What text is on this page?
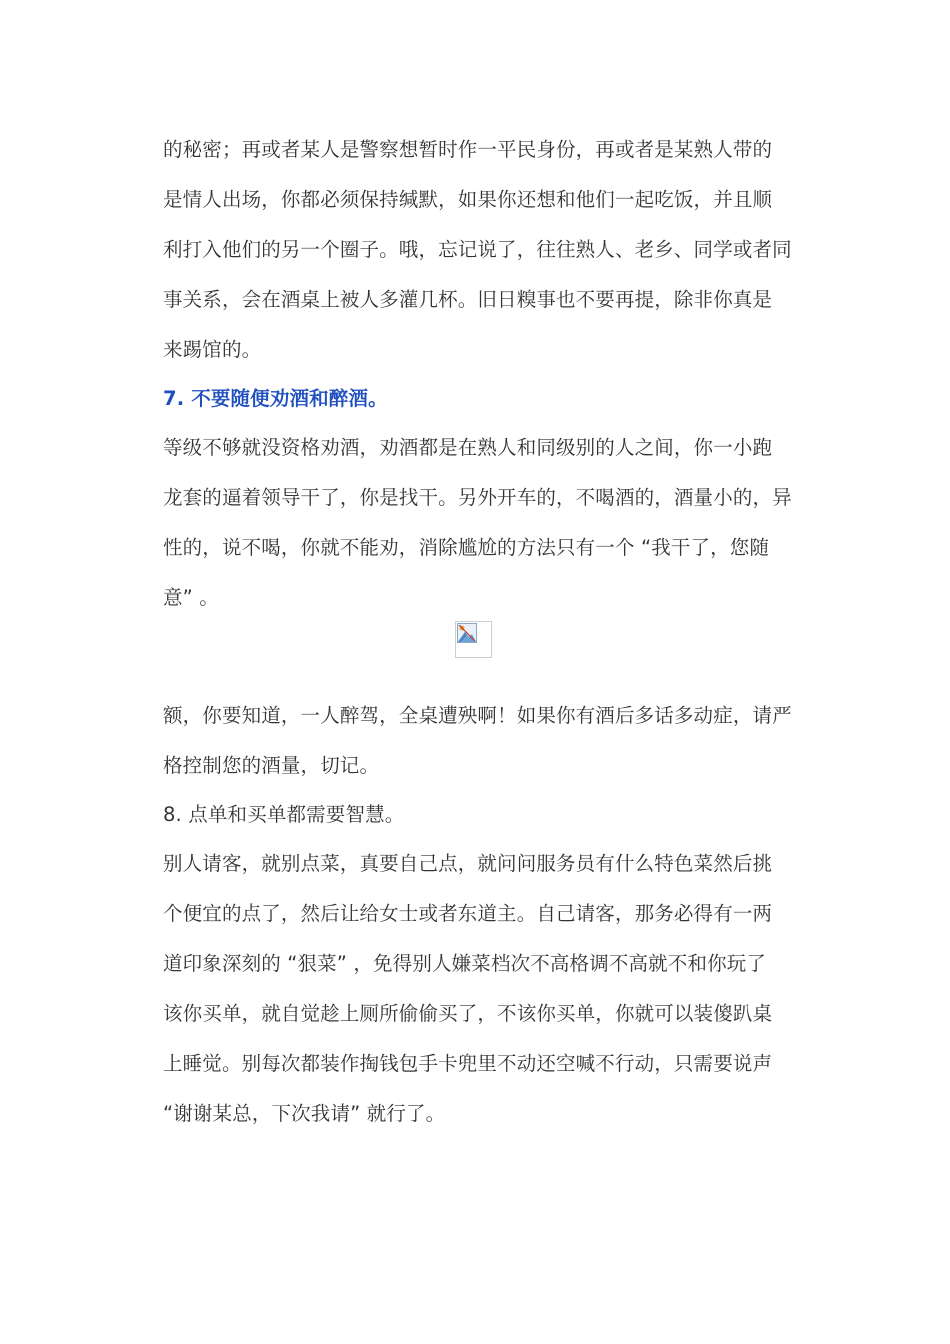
的秘密；再或者某人是警察想暂时作一平民身份，再或者是某熟人带的
是情人出场，你都必须保持缄默，如果你还想和他们一起吃饭，并且顺
利打入他们的另一个圈子。哦，忘记说了，往往熟人、老乡、同学或者同
事关系，会在酒桌上被人多灌几杯。旧日糗事也不要再提，除非你真是
来踢馆的。
7. 不要随便劝酒和醉酒。
等级不够就没资格劝酒，劝酒都是在熟人和同级别的人之间，你一小跑
龙套的逼着领导干了，你是找干。另外开车的，不喝酒的，酒量小的，异
性的，说不喝，你就不能劝，消除尴尬的方法只有一个 “我干了，您随
意” 。
额，你要知道，一人醉驾，全桌遭殃啊！如果你有酒后多话多动症，请严
格控制您的酒量，切记。
8. 点单和买单都需要智慧。
别人请客，就别点菜，真要自己点，就问问服务员有什么特色菜然后挑
个便宜的点了，然后让给女士或者东道主。自己请客，那务必得有一两
道印象深刻的 “狠菜” ，免得别人嫌菜档次不高格调不高就不和你玩了
该你买单，就自觉趁上厕所偷偷买了，不该你买单，你就可以装傻趴桌
上睡觉。别每次都装作掏钱包手卡兜里不动还空喊不行动，只需要说声
“谢谢某总，下次我请” 就行了。
